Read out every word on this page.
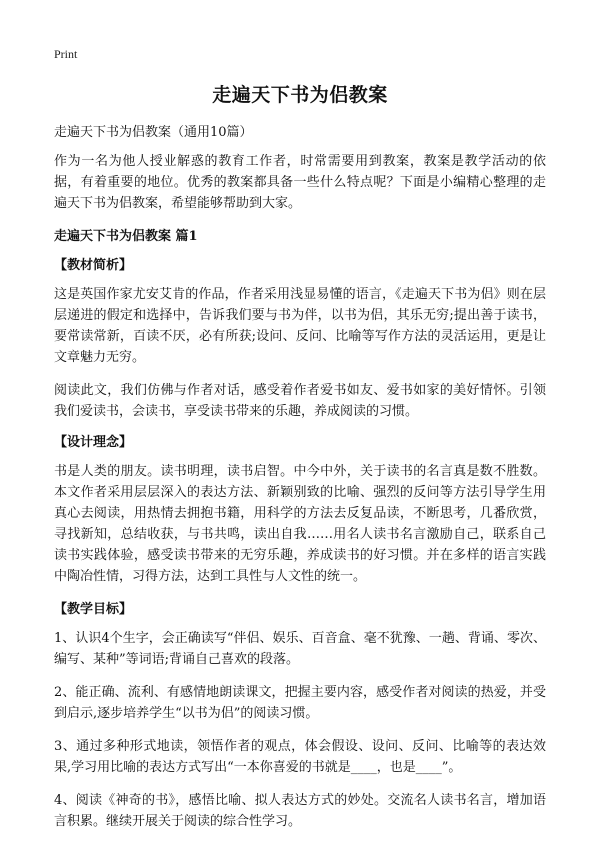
Print
走遍天下书为侣教案

走遍天下书为侣教案（通用10篇）

作为一名为他人授业解惑的教育工作者，时常需要用到教案，教案是教学活动的依据，有着重要的地位。优秀的教案都具备一些什么特点呢？下面是小编精心整理的走遍天下书为侣教案，希望能够帮助到大家。

走遍天下书为侣教案 篇1

【教材简析】

这是英国作家尤安艾肯的作品，作者采用浅显易懂的语言，《走遍天下书为侣》则在层层递进的假定和选择中，告诉我们要与书为伴，以书为侣，其乐无穷;提出善于读书，要常读常新，百读不厌，必有所获;设问、反问、比喻等写作方法的灵活运用，更是让文章魅力无穷。

阅读此文，我们仿佛与作者对话，感受着作者爱书如友、爱书如家的美好情怀。引领我们爱读书，会读书，享受读书带来的乐趣，养成阅读的习惯。

【设计理念】

书是人类的朋友。读书明理，读书启智。中今中外，关于读书的名言真是数不胜数。本文作者采用层层深入的表达方法、新颖别致的比喻、强烈的反问等方法引导学生用真心去阅读，用热情去拥抱书籍，用科学的方法去反复品读，不断思考，几番欣赏，寻找新知，总结收获，与书共鸣，读出自我……用名人读书名言激励自己，联系自己读书实践体验，感受读书带来的无穷乐趣，养成读书的好习惯。并在多样的语言实践中陶冶性情，习得方法，达到工具性与人文性的统一。

【教学目标】

1、认识4个生字，会正确读写“伴侣、娱乐、百音盒、毫不犹豫、一趟、背诵、零次、编写、某种”等词语;背诵自己喜欢的段落。

2、能正确、流利、有感情地朗读课文，把握主要内容，感受作者对阅读的热爱，并受到启示,逐步培养学生“以书为侣”的阅读习惯。

3、通过多种形式地读，领悟作者的观点，体会假设、设问、反问、比喻等的表达效果,学习用比喻的表达方式写出“一本你喜爱的书就是____，也是____”。

4、阅读《神奇的书》，感悟比喻、拟人表达方式的妙处。交流名人读书名言，增加语言积累。继续开展关于阅读的综合性学习。
